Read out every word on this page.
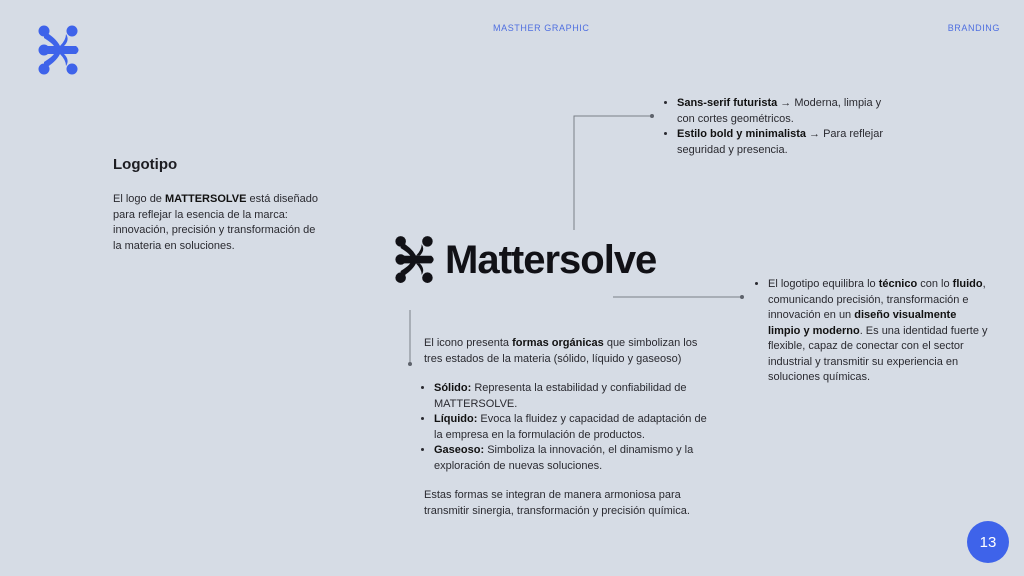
MASTHER GRAPHIC	BRANDING
Logotipo
El logo de MATTERSOLVE está diseñado para reflejar la esencia de la marca: innovación, precisión y transformación de la materia en soluciones.	Mattersolve
• Sans-serif futurista → Moderna, limpia y con cortes geométricos.
• Estilo bold y minimalista → Para reflejar seguridad y presencia.
• El logotipo equilibra lo técnico con lo fluido, comunicando precisión, transformación e innovación en un diseño visualmente limpio y moderno. Es una identidad fuerte y flexible, capaz de conectar con el sector industrial y transmitir su experiencia en soluciones químicas.

El icono presenta formas orgánicas que simbolizan los tres estados de la materia (sólido, líquido y gaseoso)

• Sólido: Representa la estabilidad y confiabilidad de MATTERSOLVE.
• Líquido: Evoca la fluidez y capacidad de adaptación de la empresa en la formulación de productos.
• Gaseoso: Simboliza la innovación, el dinamismo y la exploración de nuevas soluciones.

Estas formas se integran de manera armoniosa para transmitir sinergia, transformación y precisión química.

13
